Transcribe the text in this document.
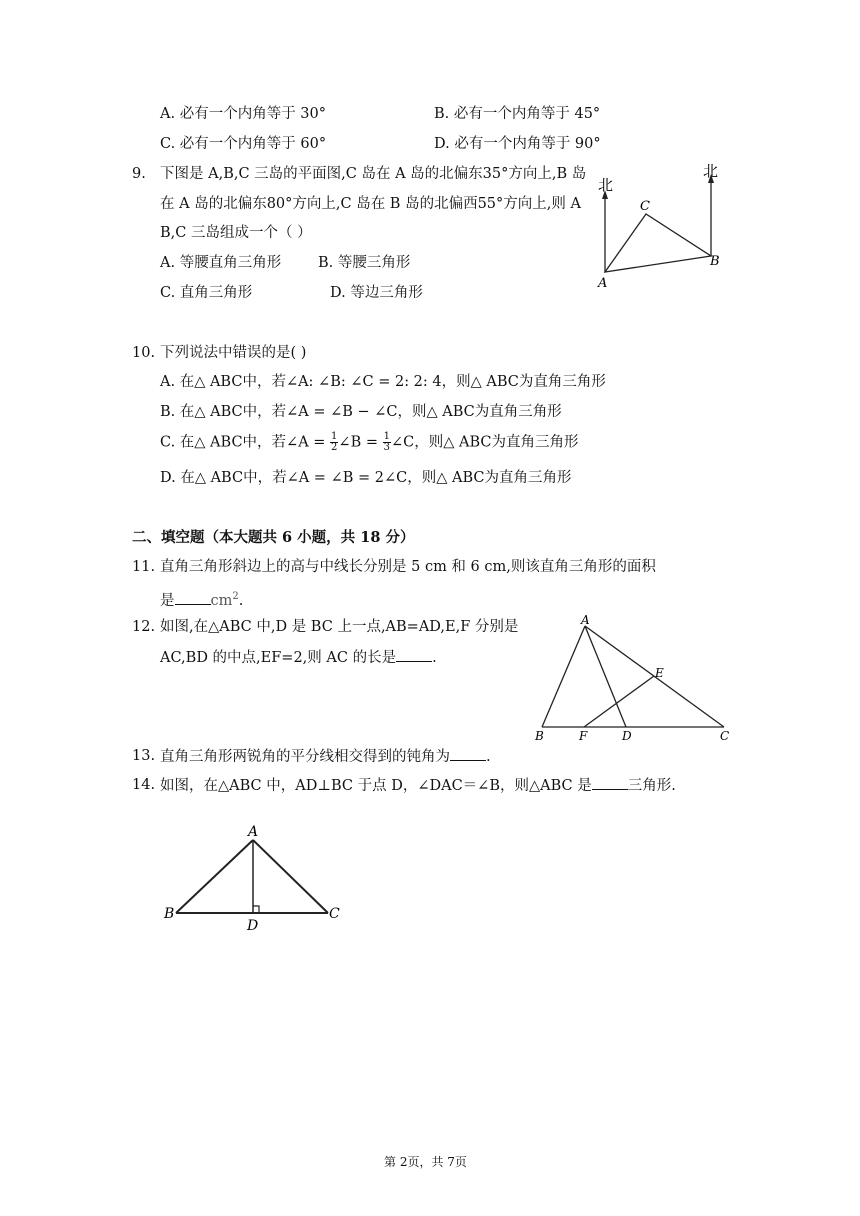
A. 必有一个内角等于 30°	B. 必有一个内角等于 45°
C. 必有一个内角等于 60°	D. 必有一个内角等于 90°
9. 下图是 A,B,C 三岛的平面图,C 岛在 A 岛的北偏东35°方向上,B 岛
在 A 岛的北偏东80°方向上,C 岛在 B 岛的北偏西55°方向上,则 A
B,C 三岛组成一个（ ）
A. 等腰直角三角形	B. 等腰三角形
C. 直角三角形	D. 等边三角形
北
北
C
A
B
10. 下列说法中错误的是( )
A. 在△ ABC中，若∠A: ∠B: ∠C = 2: 2: 4，则△ ABC为直角三角形
B. 在△ ABC中，若∠A = ∠B − ∠C，则△ ABC为直角三角形
C. 在△ ABC中，若∠A = $\frac{1}{2}$ ∠B = $\frac{1}{3}$ ∠C，则△ ABC为直角三角形
D. 在△ ABC中，若∠A = ∠B = 2∠C，则△ ABC为直角三角形
二、填空题（本大题共 6 小题，共 18 分）
11. 直角三角形斜边上的高与中线长分别是 5 cm 和 6 cm,则该直角三角形的面积
是 $cm^2$.
12. 如图,在△ABC 中,D 是 BC 上一点,AB=AD,E,F 分别是
AC,BD 的中点,EF=2,则 AC 的长是 .
A
B	F	D	C
E
13. 直角三角形两锐角的平分线相交得到的钝角为 .
14. 如图，在△ABC 中，AD⊥BC 于点 D，∠DAC＝∠B，则△ABC 是 三角形.
A
B	C
D
第 2页，共 7页
